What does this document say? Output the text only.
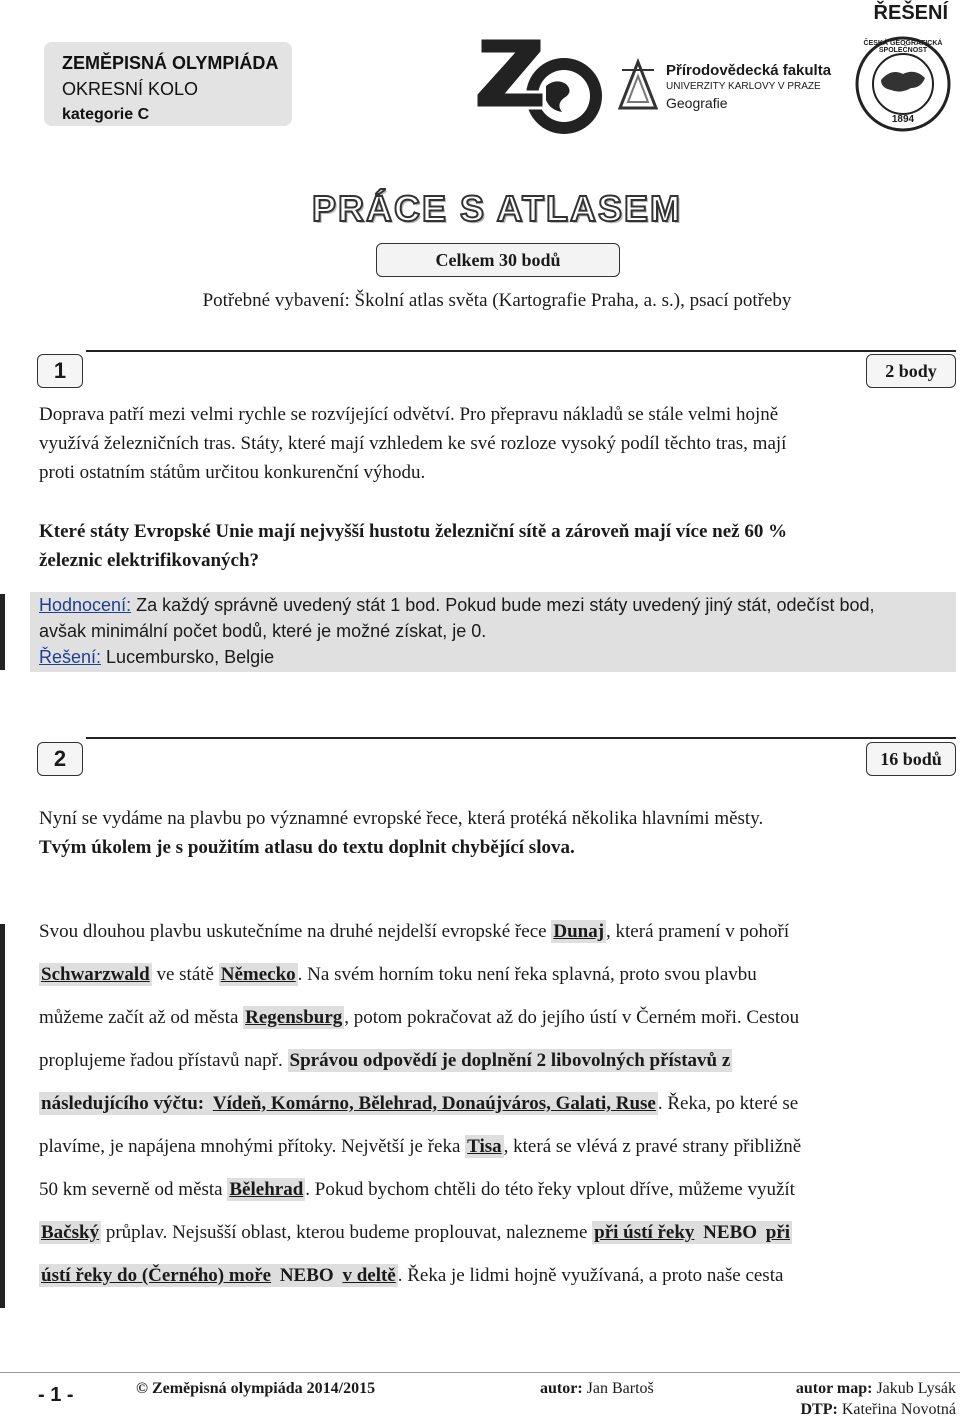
ŘEŠENÍ
ZEMĚPISNÁ OLYMPIÁDA
OKRESNÍ KOLO
kategorie C
Přírodovědecká fakulta
UNIVERZITY KARLOVY V PRAZE
Geografie
ČESKÁ GEOGRAFICKÁ SPOLEČNOST
1894
PRÁCE S ATLASEM
Celkem 30 bodů
Potřebné vybavení: Školní atlas světa (Kartografie Praha, a. s.), psací potřeby
1	2 body
Doprava patří mezi velmi rychle se rozvíjející odvětví. Pro přepravu nákladů se stále velmi hojně
využívá železničních tras. Státy, které mají vzhledem ke své rozloze vysoký podíl těchto tras, mají
proti ostatním státům určitou konkurenční výhodu.
Které státy Evropské Unie mají nejvyšší hustotu železniční sítě a zároveň mají více než 60 %
železnic elektrifikovaných?
Hodnocení: Za každý správně uvedený stát 1 bod. Pokud bude mezi státy uvedený jiný stát, odečíst bod,
avšak minimální počet bodů, které je možné získat, je 0.
Řešení: Lucembursko, Belgie
2	16 bodů
Nyní se vydáme na plavbu po významné evropské řece, která protéká několika hlavními městy.
Tvým úkolem je s použitím atlasu do textu doplnit chybějící slova.
Svou dlouhou plavbu uskutečníme na druhé nejdelší evropské řece Dunaj , která pramení v pohoří
Schwarzwald ve státě Německo . Na svém horním toku není řeka splavná, proto svou plavbu
můžeme začít až od města Regensburg , potom pokračovat až do jejího ústí v Černém moři. Cestou
proplujeme řadou přístavů např. Správou odpovědí je doplnění 2 libovolných přístavů z
následujícího výčtu: Vídeň, Komárno, Bělehrad, Donaújváros, Galati, Ruse . Řeka, po které se
plavíme, je napájena mnohými přítoky. Největší je řeka Tisa , která se vlévá z pravé strany přibližně
50 km severně od města Bělehrad . Pokud bychom chtěli do této řeky vplout dříve, můžeme využít
Bačský průplav. Nejsušší oblast, kterou budeme proplouvat, nalezneme při ústí řeky NEBO při
ústí řeky do (Černého) moře NEBO v deltě . Řeka je lidmi hojně využívaná, a proto naše cesta
- 1 -	© Zeměpisná olympiáda 2014/2015	autor: Jan Bartoš	autor map: Jakub Lysák
DTP: Kateřina Novotná
